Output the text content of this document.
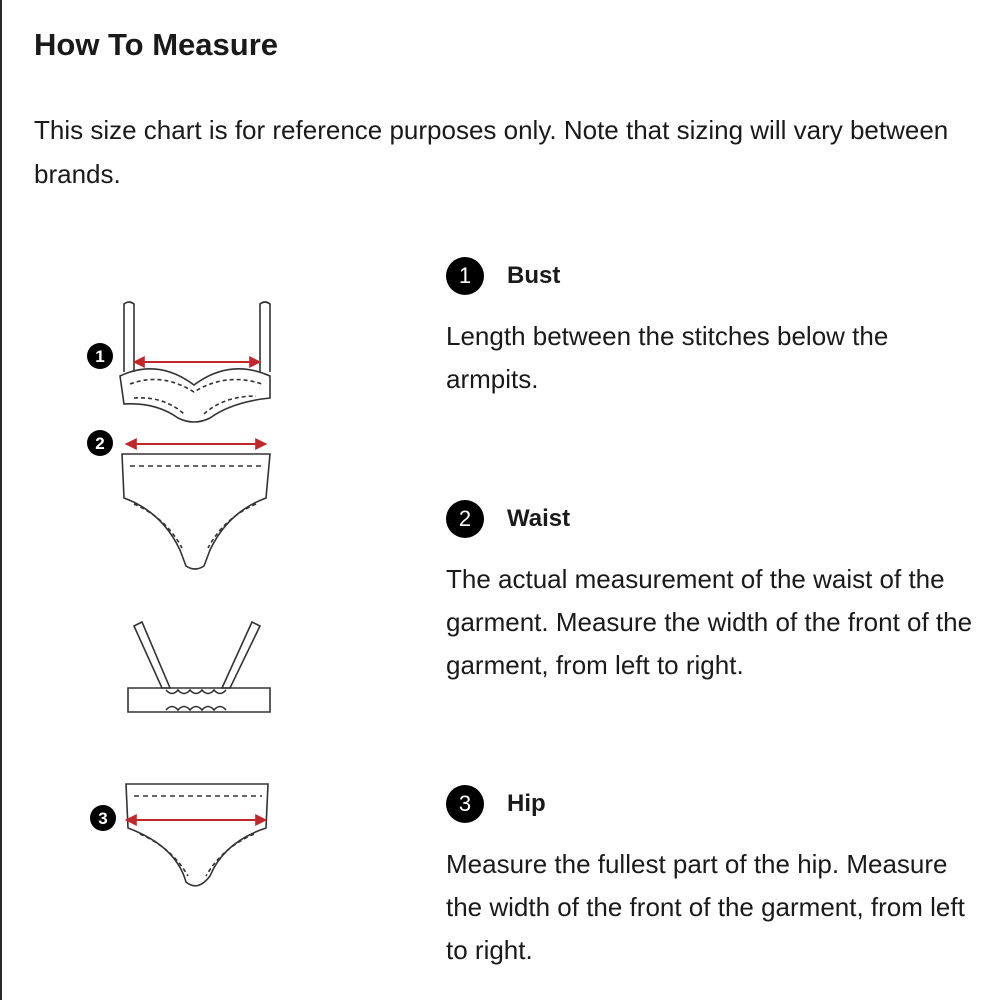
How To Measure

This size chart is for reference purposes only. Note that sizing will vary between brands.

1
2
3
1	Bust
Length between the stitches below the armpits.
2	Waist
The actual measurement of the waist of the garment. Measure the width of the front of the garment, from left to right.
3	Hip
Measure the fullest part of the hip. Measure the width of the front of the garment, from left to right.
